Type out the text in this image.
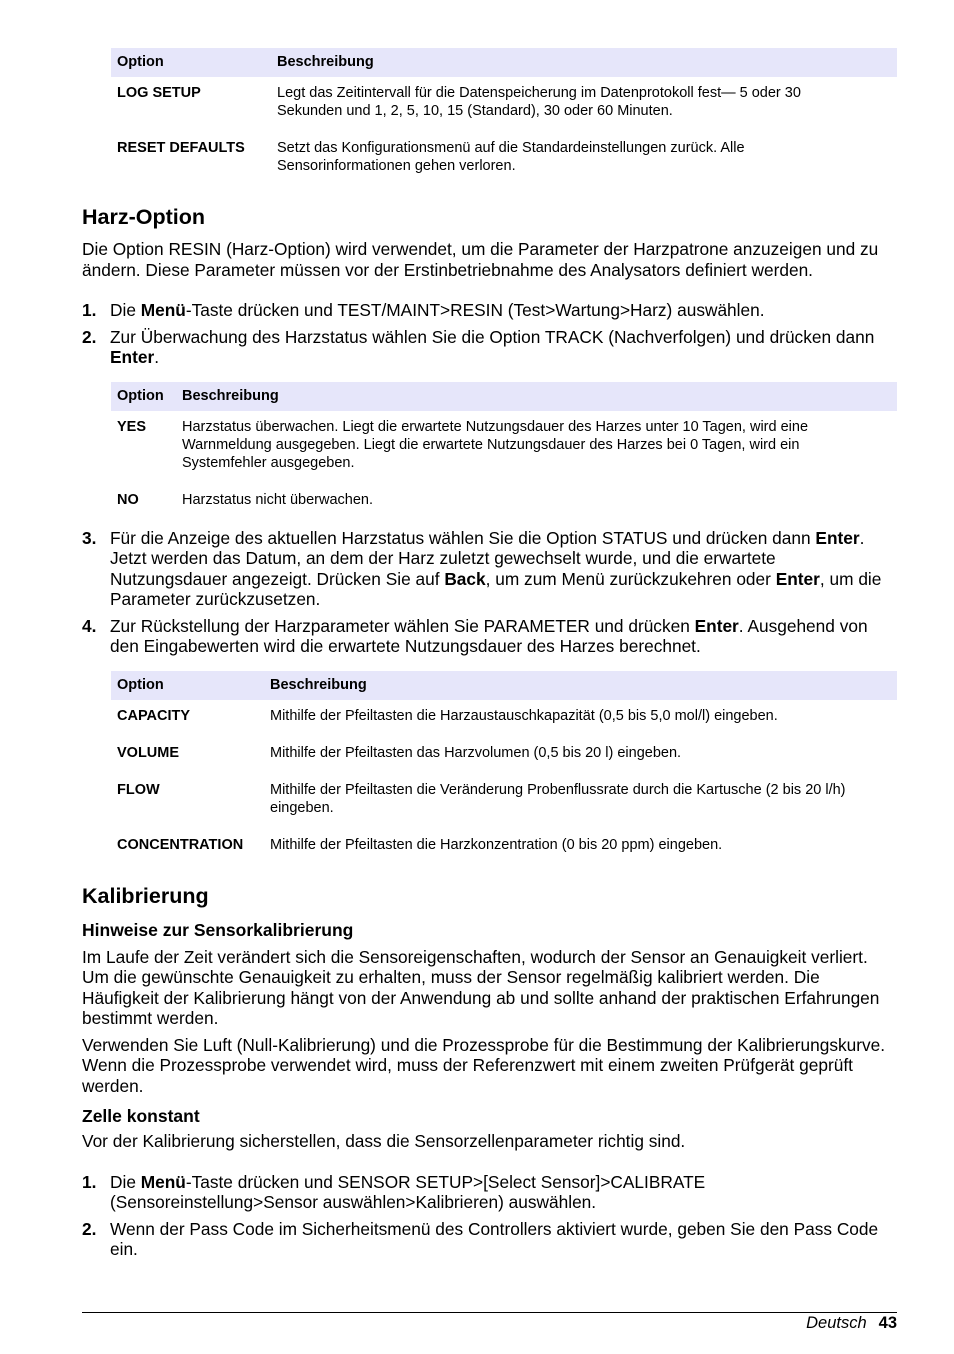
Option	Beschreibung
LOG SETUP	Legt das Zeitintervall für die Datenspeicherung im Datenprotokoll fest— 5 oder 30 Sekunden und 1, 2, 5, 10, 15 (Standard), 30 oder 60 Minuten.
RESET DEFAULTS	Setzt das Konfigurationsmenü auf die Standardeinstellungen zurück. Alle Sensorinformationen gehen verloren.
Harz-Option

Die Option RESIN (Harz-Option) wird verwendet, um die Parameter der Harzpatrone anzuzeigen und zu ändern. Diese Parameter müssen vor der Erstinbetriebnahme des Analysators definiert werden.

1. Die Menü-Taste drücken und TEST/MAINT>RESIN (Test>Wartung>Harz) auswählen.
2. Zur Überwachung des Harzstatus wählen Sie die Option TRACK (Nachverfolgen) und drücken dann Enter.
Option	Beschreibung
YES	Harzstatus überwachen. Liegt die erwartete Nutzungsdauer des Harzes unter 10 Tagen, wird eine Warnmeldung ausgegeben. Liegt die erwartete Nutzungsdauer des Harzes bei 0 Tagen, wird ein Systemfehler ausgegeben.
NO	Harzstatus nicht überwachen.
3. Für die Anzeige des aktuellen Harzstatus wählen Sie die Option STATUS und drücken dann Enter. Jetzt werden das Datum, an dem der Harz zuletzt gewechselt wurde, und die erwartete Nutzungsdauer angezeigt. Drücken Sie auf Back, um zum Menü zurückzukehren oder Enter, um die Parameter zurückzusetzen.
4. Zur Rückstellung der Harzparameter wählen Sie PARAMETER und drücken Enter. Ausgehend von den Eingabewerten wird die erwartete Nutzungsdauer des Harzes berechnet.
Option	Beschreibung
CAPACITY	Mithilfe der Pfeiltasten die Harzaustauschkapazität (0,5 bis 5,0 mol/l) eingeben.
VOLUME	Mithilfe der Pfeiltasten das Harzvolumen (0,5 bis 20 l) eingeben.
FLOW	Mithilfe der Pfeiltasten die Veränderung Probenflussrate durch die Kartusche (2 bis 20 l/h) eingeben.
CONCENTRATION	Mithilfe der Pfeiltasten die Harzkonzentration (0 bis 20 ppm) eingeben.
Kalibrierung
Hinweise zur Sensorkalibrierung

Im Laufe der Zeit verändert sich die Sensoreigenschaften, wodurch der Sensor an Genauigkeit verliert. Um die gewünschte Genauigkeit zu erhalten, muss der Sensor regelmäßig kalibriert werden. Die Häufigkeit der Kalibrierung hängt von der Anwendung ab und sollte anhand der praktischen Erfahrungen bestimmt werden.

Verwenden Sie Luft (Null-Kalibrierung) und die Prozessprobe für die Bestimmung der Kalibrierungskurve. Wenn die Prozessprobe verwendet wird, muss der Referenzwert mit einem zweiten Prüfgerät geprüft werden.

Zelle konstant

Vor der Kalibrierung sicherstellen, dass die Sensorzellenparameter richtig sind.

1. Die Menü-Taste drücken und SENSOR SETUP>[Select Sensor]>CALIBRATE (Sensoreinstellung>Sensor auswählen>Kalibrieren) auswählen.
2. Wenn der Pass Code im Sicherheitsmenü des Controllers aktiviert wurde, geben Sie den Pass Code ein.
Deutsch 43
